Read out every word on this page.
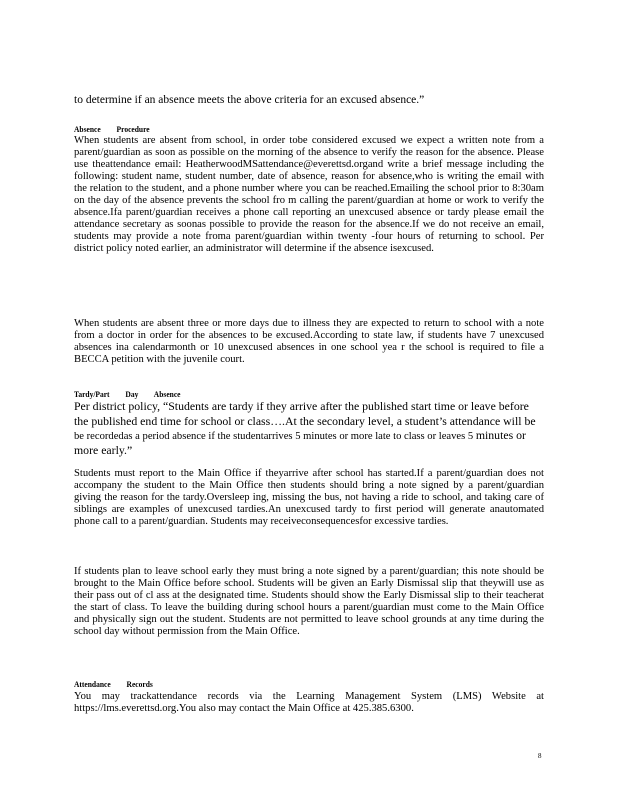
to determine if an absence meets the above criteria for an excused absence.”

Absence Procedure

When students are absent from school, in order tobe considered excused we expect a written note from a parent/guardian as soon as possible on the morning of the absence to verify the reason for the absence. Please use theattendance email: HeatherwoodMSattendance@everettsd.organd write a brief message including the following: student name, student number, date of absence, reason for absence,who is writing the email with the relation to the student, and a phone number where you can be reached.Emailing the school prior to 8:30am on the day of the absence prevents the school fro m calling the parent/guardian at home or work to verify the absence.Ifa parent/guardian receives a phone call reporting an unexcused absence or tardy please email the attendance secretary as soonas possible to provide the reason for the absence.If we do not receive an email, students may provide a note froma parent/guardian within twenty -four hours of returning to school. Per district policy noted earlier, an administrator will determine if the absence isexcused.

When students are absent three or more days due to illness they are expected to return to school with a note from a doctor in order for the absences to be excused.According to state law, if students have 7 unexcused absences ina calendarmonth or 10 unexcused absences in one school yea r the school is required to file a BECCA petition with the juvenile court.

Tardy/Part Day Absence

Per district policy, “Students are tardy if they arrive after the published start time or leave before the published end time for school or class….At the secondary level, a student’s attendance will be be recordedas a period absence if the studentarrives 5 minutes or more late to class or leaves 5 minutes or more early.”

Students must report to the Main Office if theyarrive after school has started.If a parent/guardian does not accompany the student to the Main Office then students should bring a note signed by a parent/guardian giving the reason for the tardy.Oversleep ing, missing the bus, not having a ride to school, and taking care of siblings are examples of unexcused tardies.An unexcused tardy to first period will generate anautomated phone call to a parent/guardian. Students may receiveconsequencesfor excessive tardies.

If students plan to leave school early they must bring a note signed by a parent/guardian; this note should be brought to the Main Office before school. Students will be given an Early Dismissal slip that theywill use as their pass out of cl ass at the designated time. Students should show the Early Dismissal slip to their teacherat the start of class. To leave the building during school hours a parent/guardian must come to the Main Office and physically sign out the student. Students are not permitted to leave school grounds at any time during the school day without permission from the Main Office.

Attendance Records

You may trackattendance records via the Learning Management System (LMS) Website at https://lms.everettsd.org.You also may contact the Main Office at 425.385.6300.

8
